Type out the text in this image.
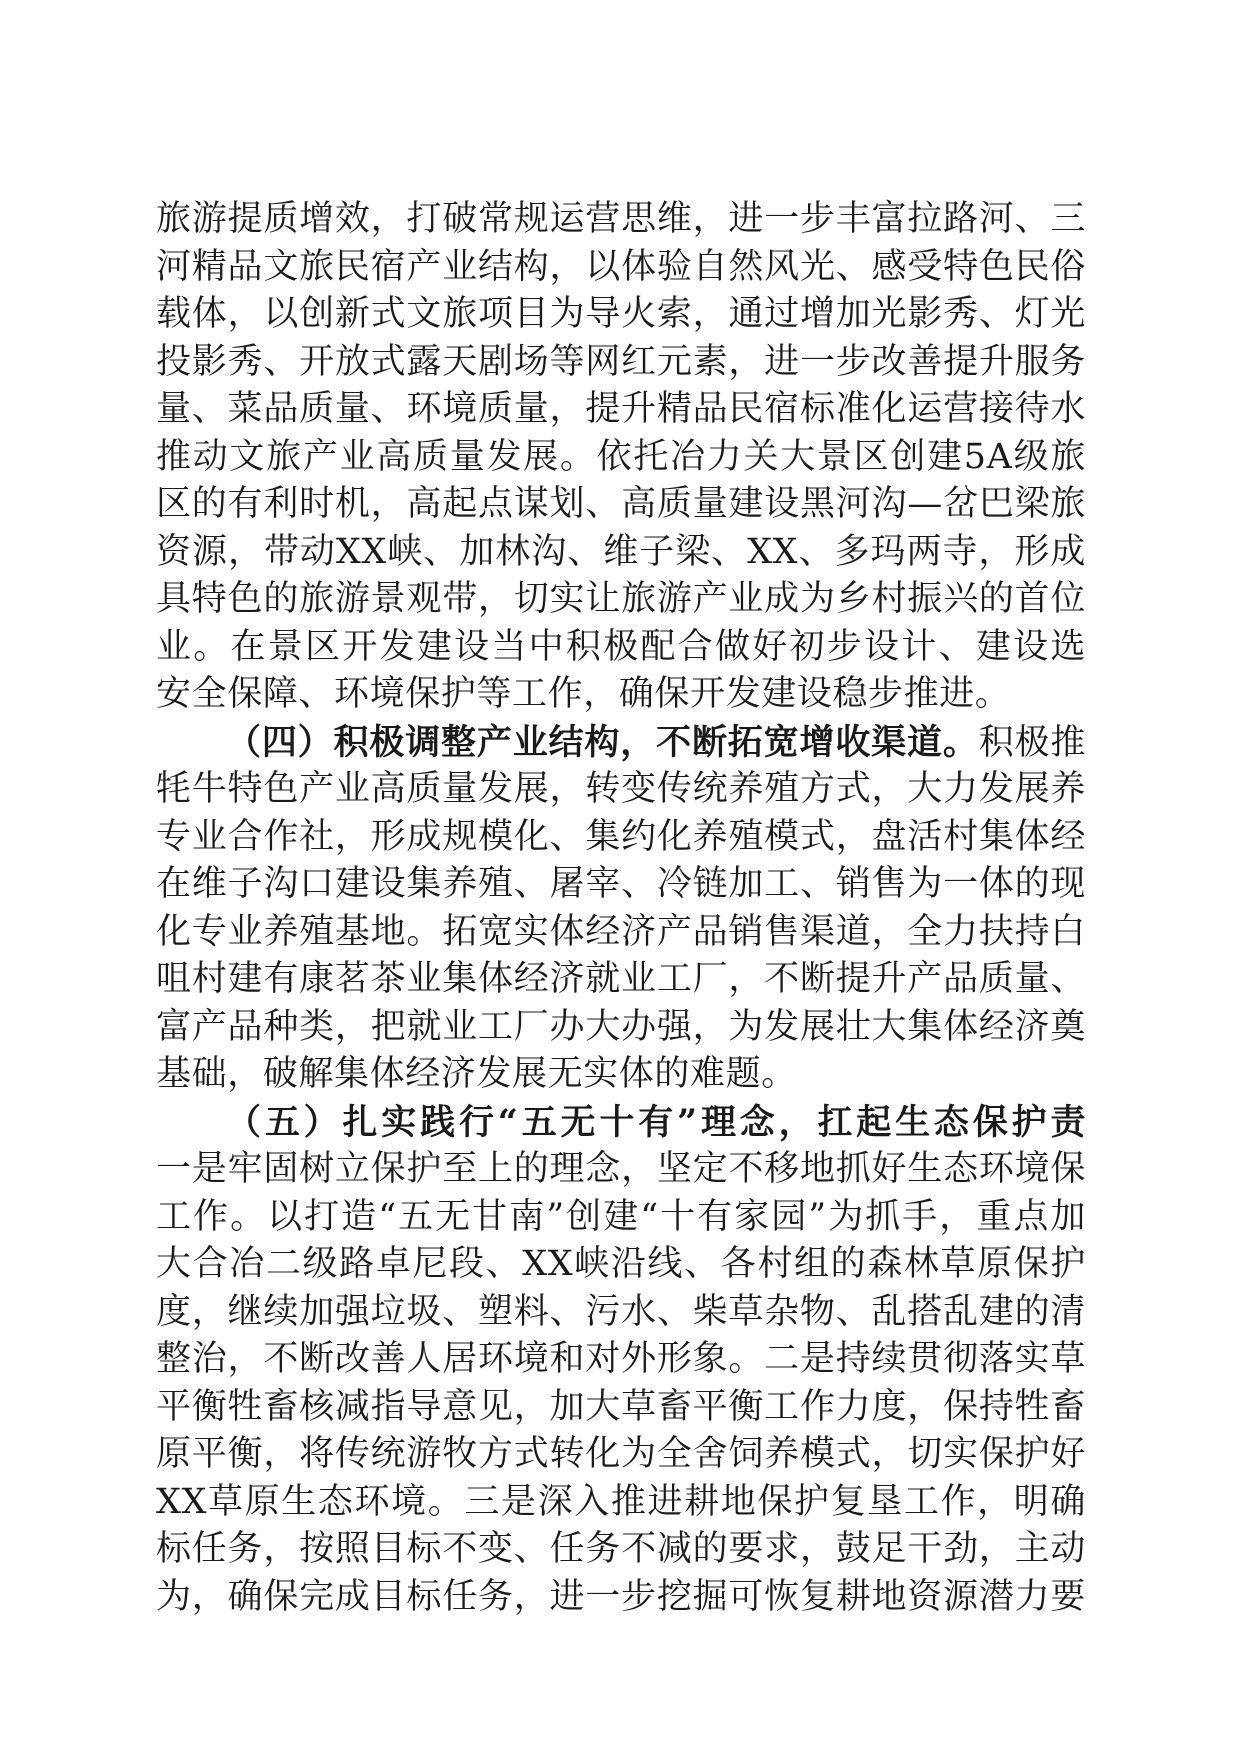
旅游提质增效，打破常规运营思维，进一步丰富拉路河、三
河精品文旅民宿产业结构，以体验自然风光、感受特色民俗
载体，以创新式文旅项目为导火索，通过增加光影秀、灯光
投影秀、开放式露天剧场等网红元素，进一步改善提升服务
量、菜品质量、环境质量，提升精品民宿标准化运营接待水
推动文旅产业高质量发展。依托冶力关大景区创建5A级旅
区的有利时机，高起点谋划、高质量建设黑河沟—岔巴梁旅
资源，带动XX峡、加林沟、维子梁、XX、多玛两寺，形成
具特色的旅游景观带，切实让旅游产业成为乡村振兴的首位
业。在景区开发建设当中积极配合做好初步设计、建设选
安全保障、环境保护等工作，确保开发建设稳步推进。
（四）积极调整产业结构，不断拓宽增收渠道。积极推
牦牛特色产业高质量发展，转变传统养殖方式，大力发展养
专业合作社，形成规模化、集约化养殖模式，盘活村集体经
在维子沟口建设集养殖、屠宰、冷链加工、销售为一体的现
化专业养殖基地。拓宽实体经济产品销售渠道，全力扶持白
咀村建有康茗茶业集体经济就业工厂，不断提升产品质量、
富产品种类，把就业工厂办大办强，为发展壮大集体经济奠
基础，破解集体经济发展无实体的难题。
（五）扎实践行“五无十有”理念，扛起生态保护责
一是牢固树立保护至上的理念，坚定不移地抓好生态环境保
工作。以打造“五无甘南”创建“十有家园”为抓手，重点加
大合冶二级路卓尼段、XX峡沿线、各村组的森林草原保护
度，继续加强垃圾、塑料、污水、柴草杂物、乱搭乱建的清
整治，不断改善人居环境和对外形象。二是持续贯彻落实草
平衡牲畜核减指导意见，加大草畜平衡工作力度，保持牲畜
原平衡，将传统游牧方式转化为全舍饲养模式，切实保护好
XX草原生态环境。三是深入推进耕地保护复垦工作，明确
标任务，按照目标不变、任务不减的要求，鼓足干劲，主动
为，确保完成目标任务，进一步挖掘可恢复耕地资源潜力要
